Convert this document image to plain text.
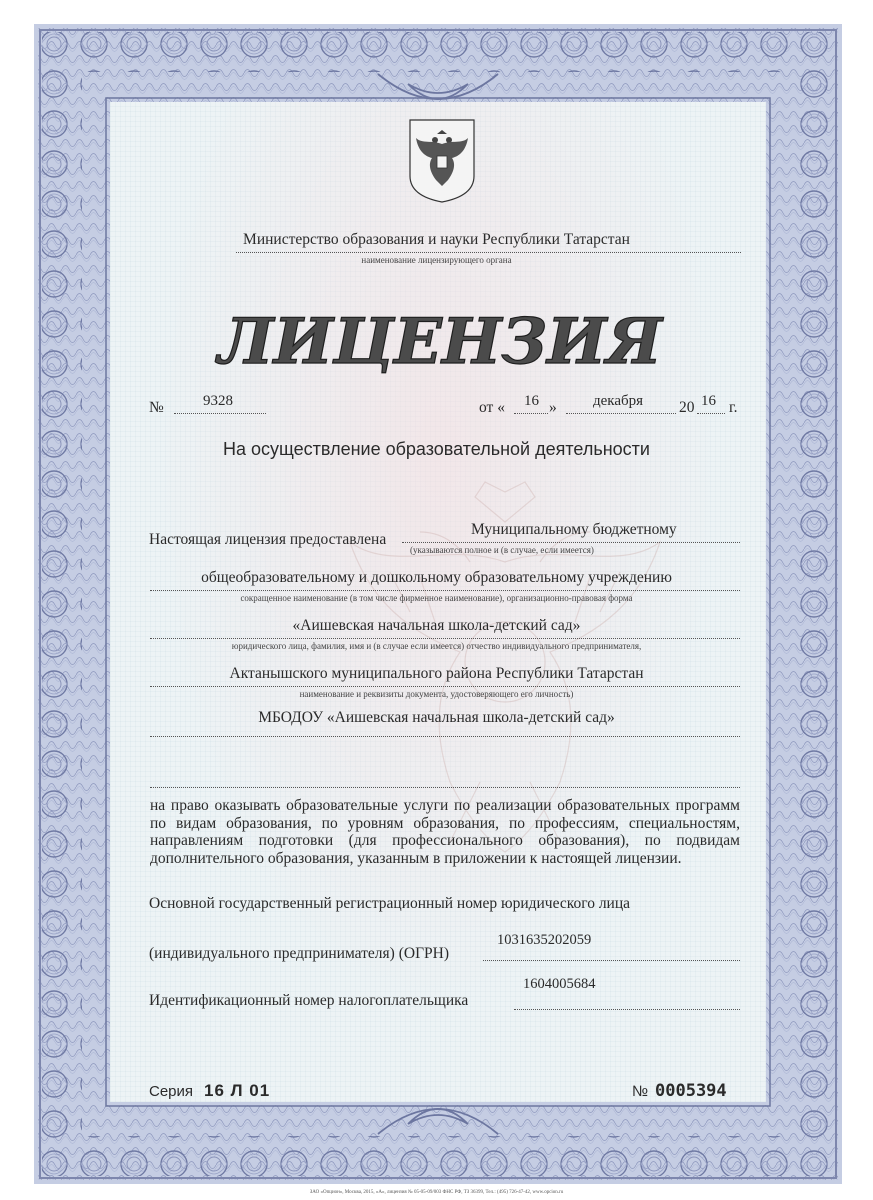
Министерство образования и науки Республики Татарстан
наименование лицензирующего органа
ЛИЦЕНЗИЯ
№	9328	от « 16 » декабря 20 16 г.
На осуществление образовательной деятельности
Настоящая лицензия предоставлена
Муниципальному бюджетному
(указываются полное и (в случае, если имеется)
общеобразовательному и дошкольному образовательному учреждению
сокращенное наименование (в том числе фирменное наименование), организационно-правовая форма
«Аишевская начальная школа-детский сад»
юридического лица, фамилия, имя и (в случае если имеется) отчество индивидуального предпринимателя,
Актанышского муниципального района Республики Татарстан
наименование и реквизиты документа, удостоверяющего его личность)
МБОДОУ «Аишевская начальная школа-детский сад»
на право оказывать образовательные услуги по реализации образовательных программ по видам образования, по уровням образования, по профессиям, специальностям, направлениям подготовки (для профессионального образования), по подвидам дополнительного образования, указанным в приложении к настоящей лицензии.
Основной государственный регистрационный номер юридического лица
(индивидуального предпринимателя) (ОГРН)
1031635202059
Идентификационный номер налогоплательщика
1604005684
Серия 16 Л 01	№ 0005394
ЗАО «Опцион», Москва, 2015, «А», лицензия № 05-05-09/003 ФНС РФ, ТЗ 36399, Тел.: (495) 726-47-42, www.opcion.ru
